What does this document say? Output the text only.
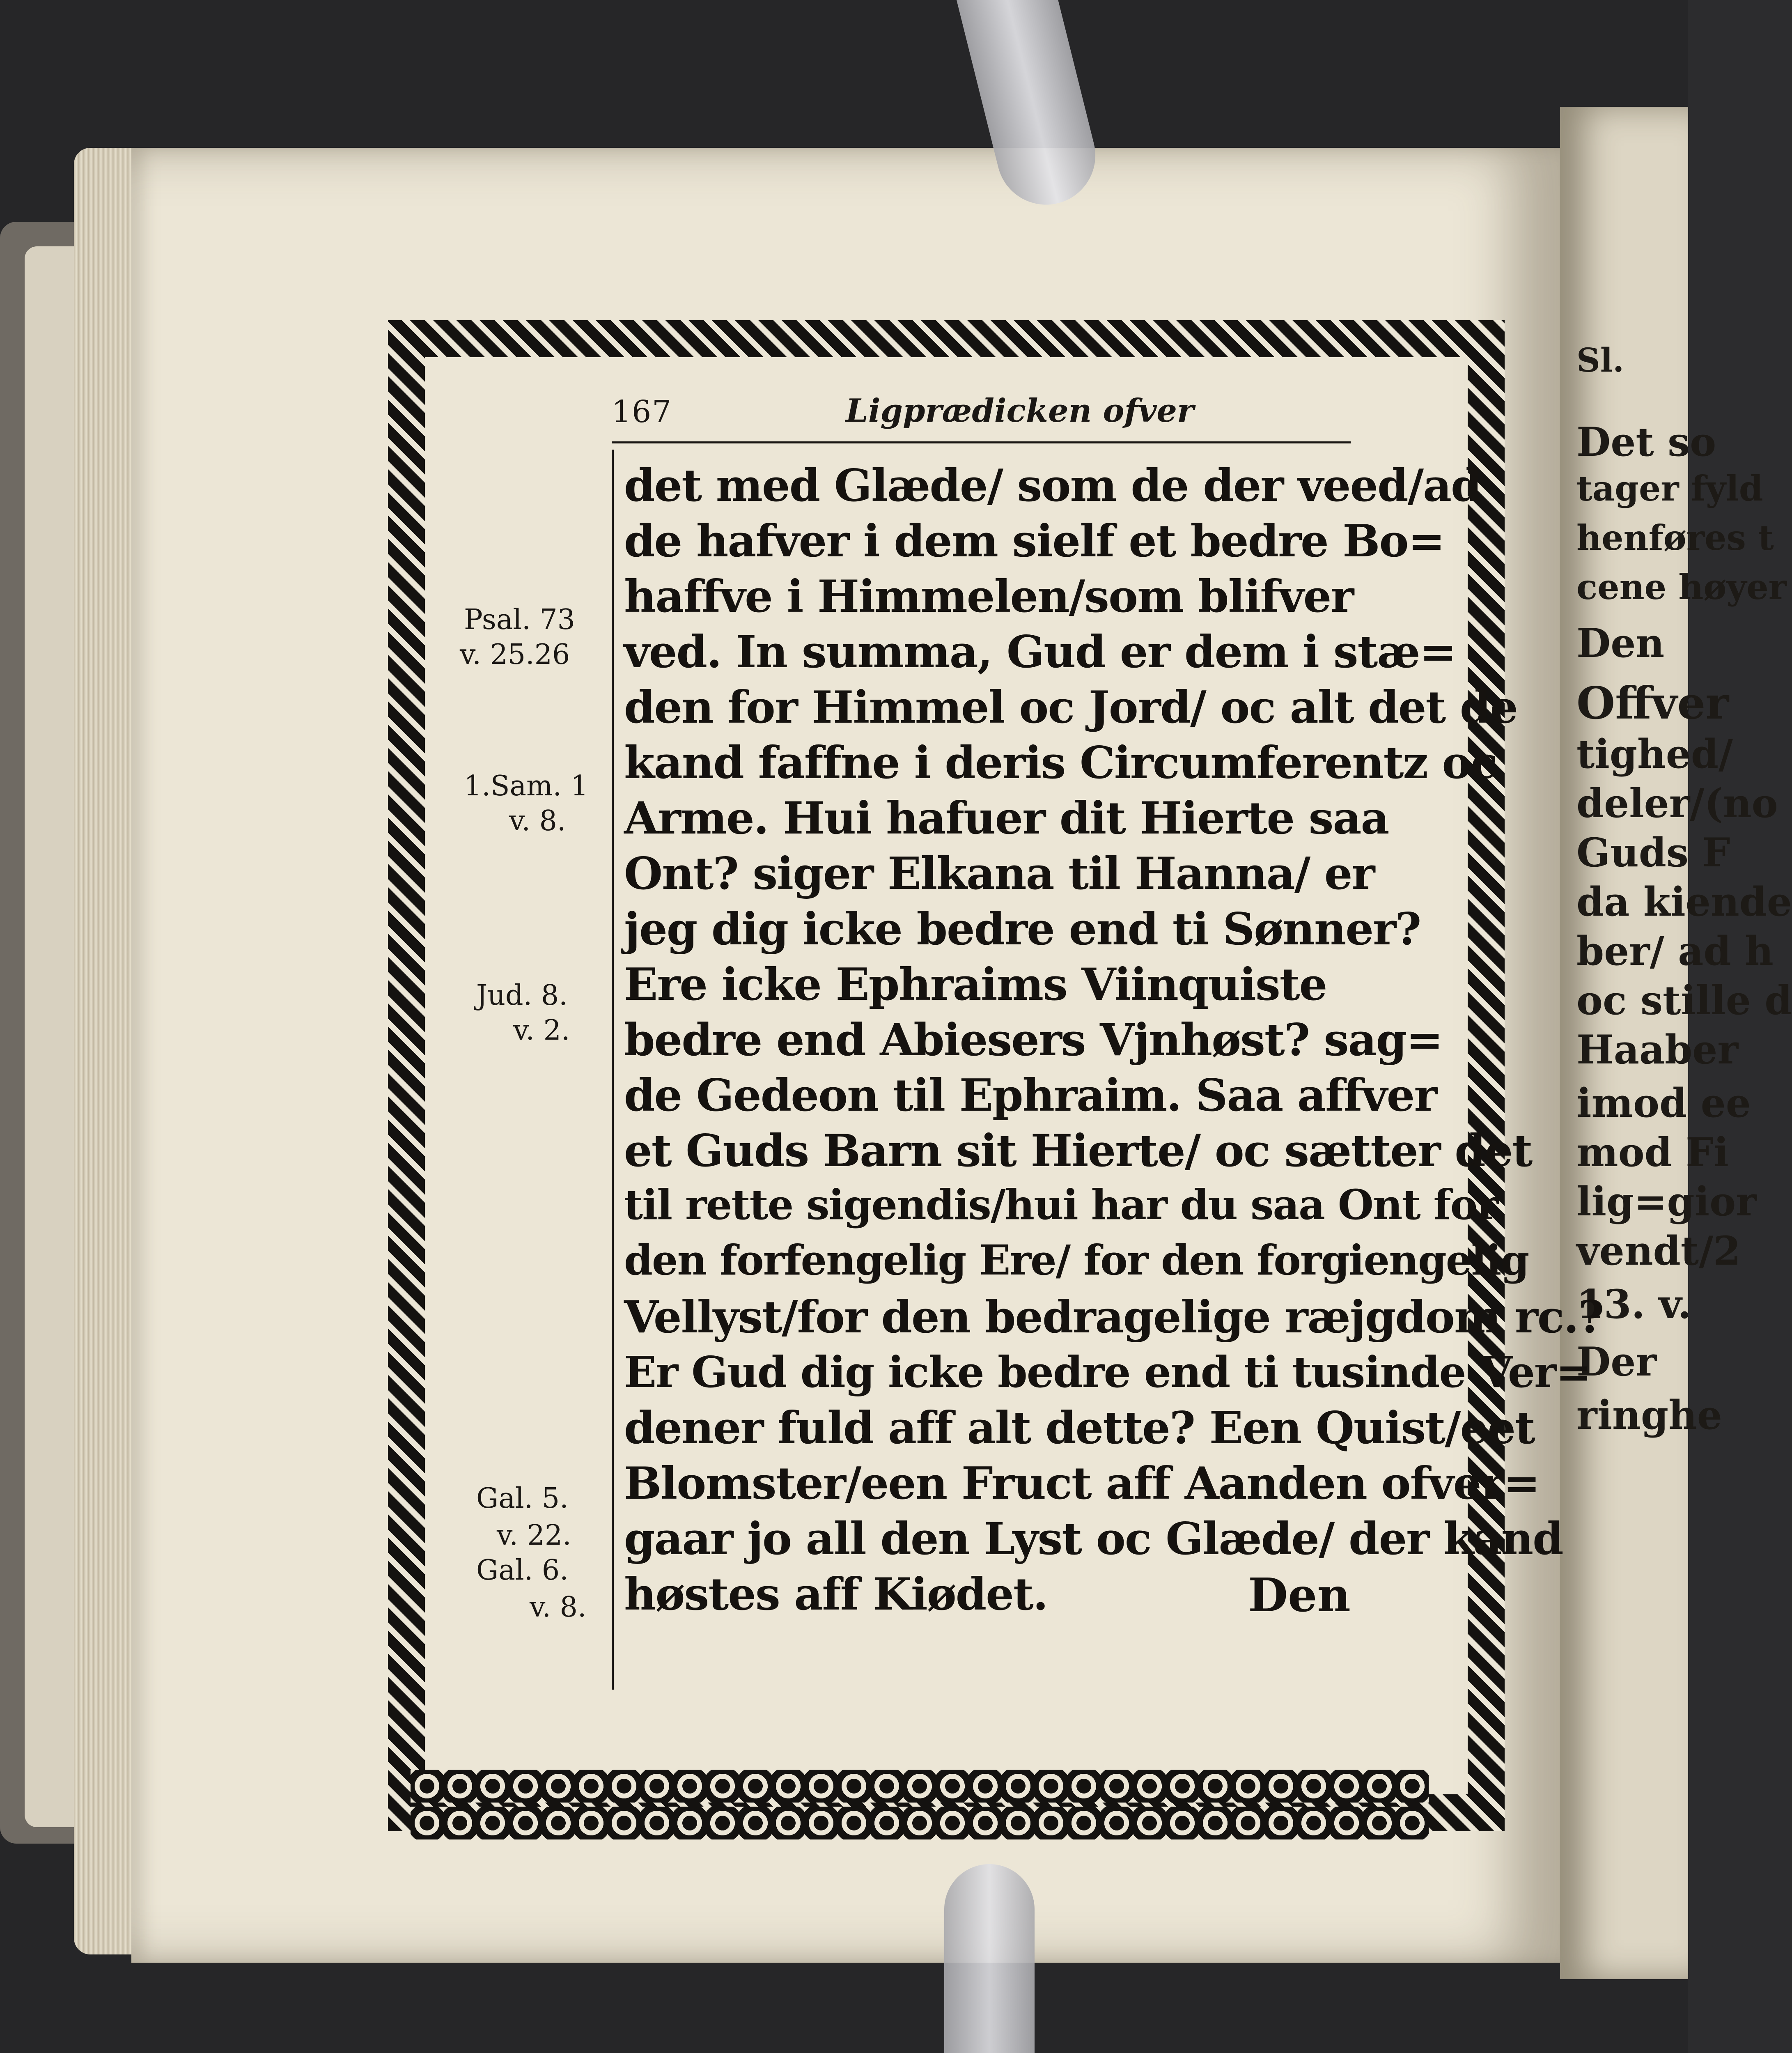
Sl.
Det so
tager fyld
henføres t
cene høyer
Den
Offver
tighed/
deler/(no
Guds F
da kiende
ber/ ad h
oc stille d
Haaber
imod ee
mod Fi
lig=gior
vendt/2
13. v.
Der
ringhe
167	Ligprædicken ofver
Psal. 73
v. 25.26
1.Sam. 1
v. 8.
Jud. 8.
v. 2.
Gal. 5.
v. 22.
Gal. 6.
v. 8.
det med Glæde/ som de der veed/ad
de hafver i dem sielf et bedre Bo=
haffve i Himmelen/som blifver
ved. In summa, Gud er dem i stæ=
den for Himmel oc Jord/ oc alt det de
kand faffne i deris Circumferentz oc
Arme. Hui hafuer dit Hierte saa
Ont? siger Elkana til Hanna/ er
jeg dig icke bedre end ti Sønner?
Ere icke Ephraims Viinquiste
bedre end Abiesers Vjnhøst? sag=
de Gedeon til Ephraim. Saa affver
et Guds Barn sit Hierte/ oc sætter det
til rette sigendis/hui har du saa Ont for
den forfengelig Ere/ for den forgiengelig
Vellyst/for den bedragelige ræjgdom rc.?
Er Gud dig icke bedre end ti tusinde Ver=
dener fuld aff alt dette? Een Quist/eet
Blomster/een Fruct aff Aanden ofver=
gaar jo all den Lyst oc Glæde/ der kand
høstes aff Kiødet.	Den
